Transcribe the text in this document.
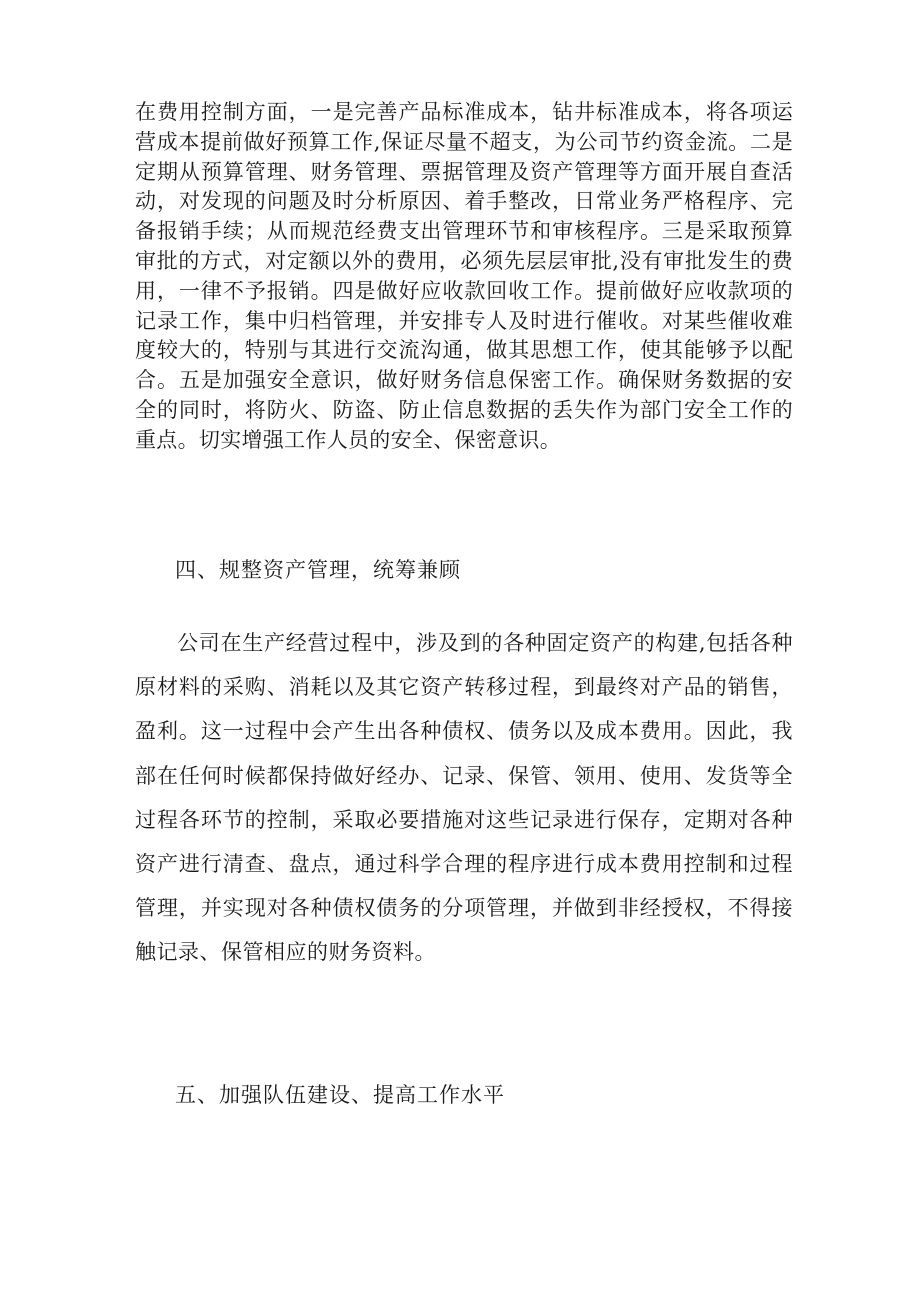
在费用控制方面，一是完善产品标准成本，钻井标准成本，将各项运营成本提前做好预算工作,保证尽量不超支，为公司节约资金流。二是定期从预算管理、财务管理、票据管理及资产管理等方面开展自查活动，对发现的问题及时分析原因、着手整改，日常业务严格程序、完备报销手续；从而规范经费支出管理环节和审核程序。三是采取预算审批的方式，对定额以外的费用，必须先层层审批,没有审批发生的费用，一律不予报销。四是做好应收款回收工作。提前做好应收款项的记录工作，集中归档管理，并安排专人及时进行催收。对某些催收难度较大的，特别与其进行交流沟通，做其思想工作，使其能够予以配合。五是加强安全意识，做好财务信息保密工作。确保财务数据的安全的同时，将防火、防盗、防止信息数据的丢失作为部门安全工作的重点。切实增强工作人员的安全、保密意识。

四、规整资产管理，统筹兼顾

公司在生产经营过程中，涉及到的各种固定资产的构建,包括各种原材料的采购、消耗以及其它资产转移过程，到最终对产品的销售，盈利。这一过程中会产生出各种债权、债务以及成本费用。因此，我部在任何时候都保持做好经办、记录、保管、领用、使用、发货等全过程各环节的控制，采取必要措施对这些记录进行保存，定期对各种资产进行清查、盘点，通过科学合理的程序进行成本费用控制和过程管理，并实现对各种债权债务的分项管理，并做到非经授权，不得接触记录、保管相应的财务资料。

五、加强队伍建设、提高工作水平
